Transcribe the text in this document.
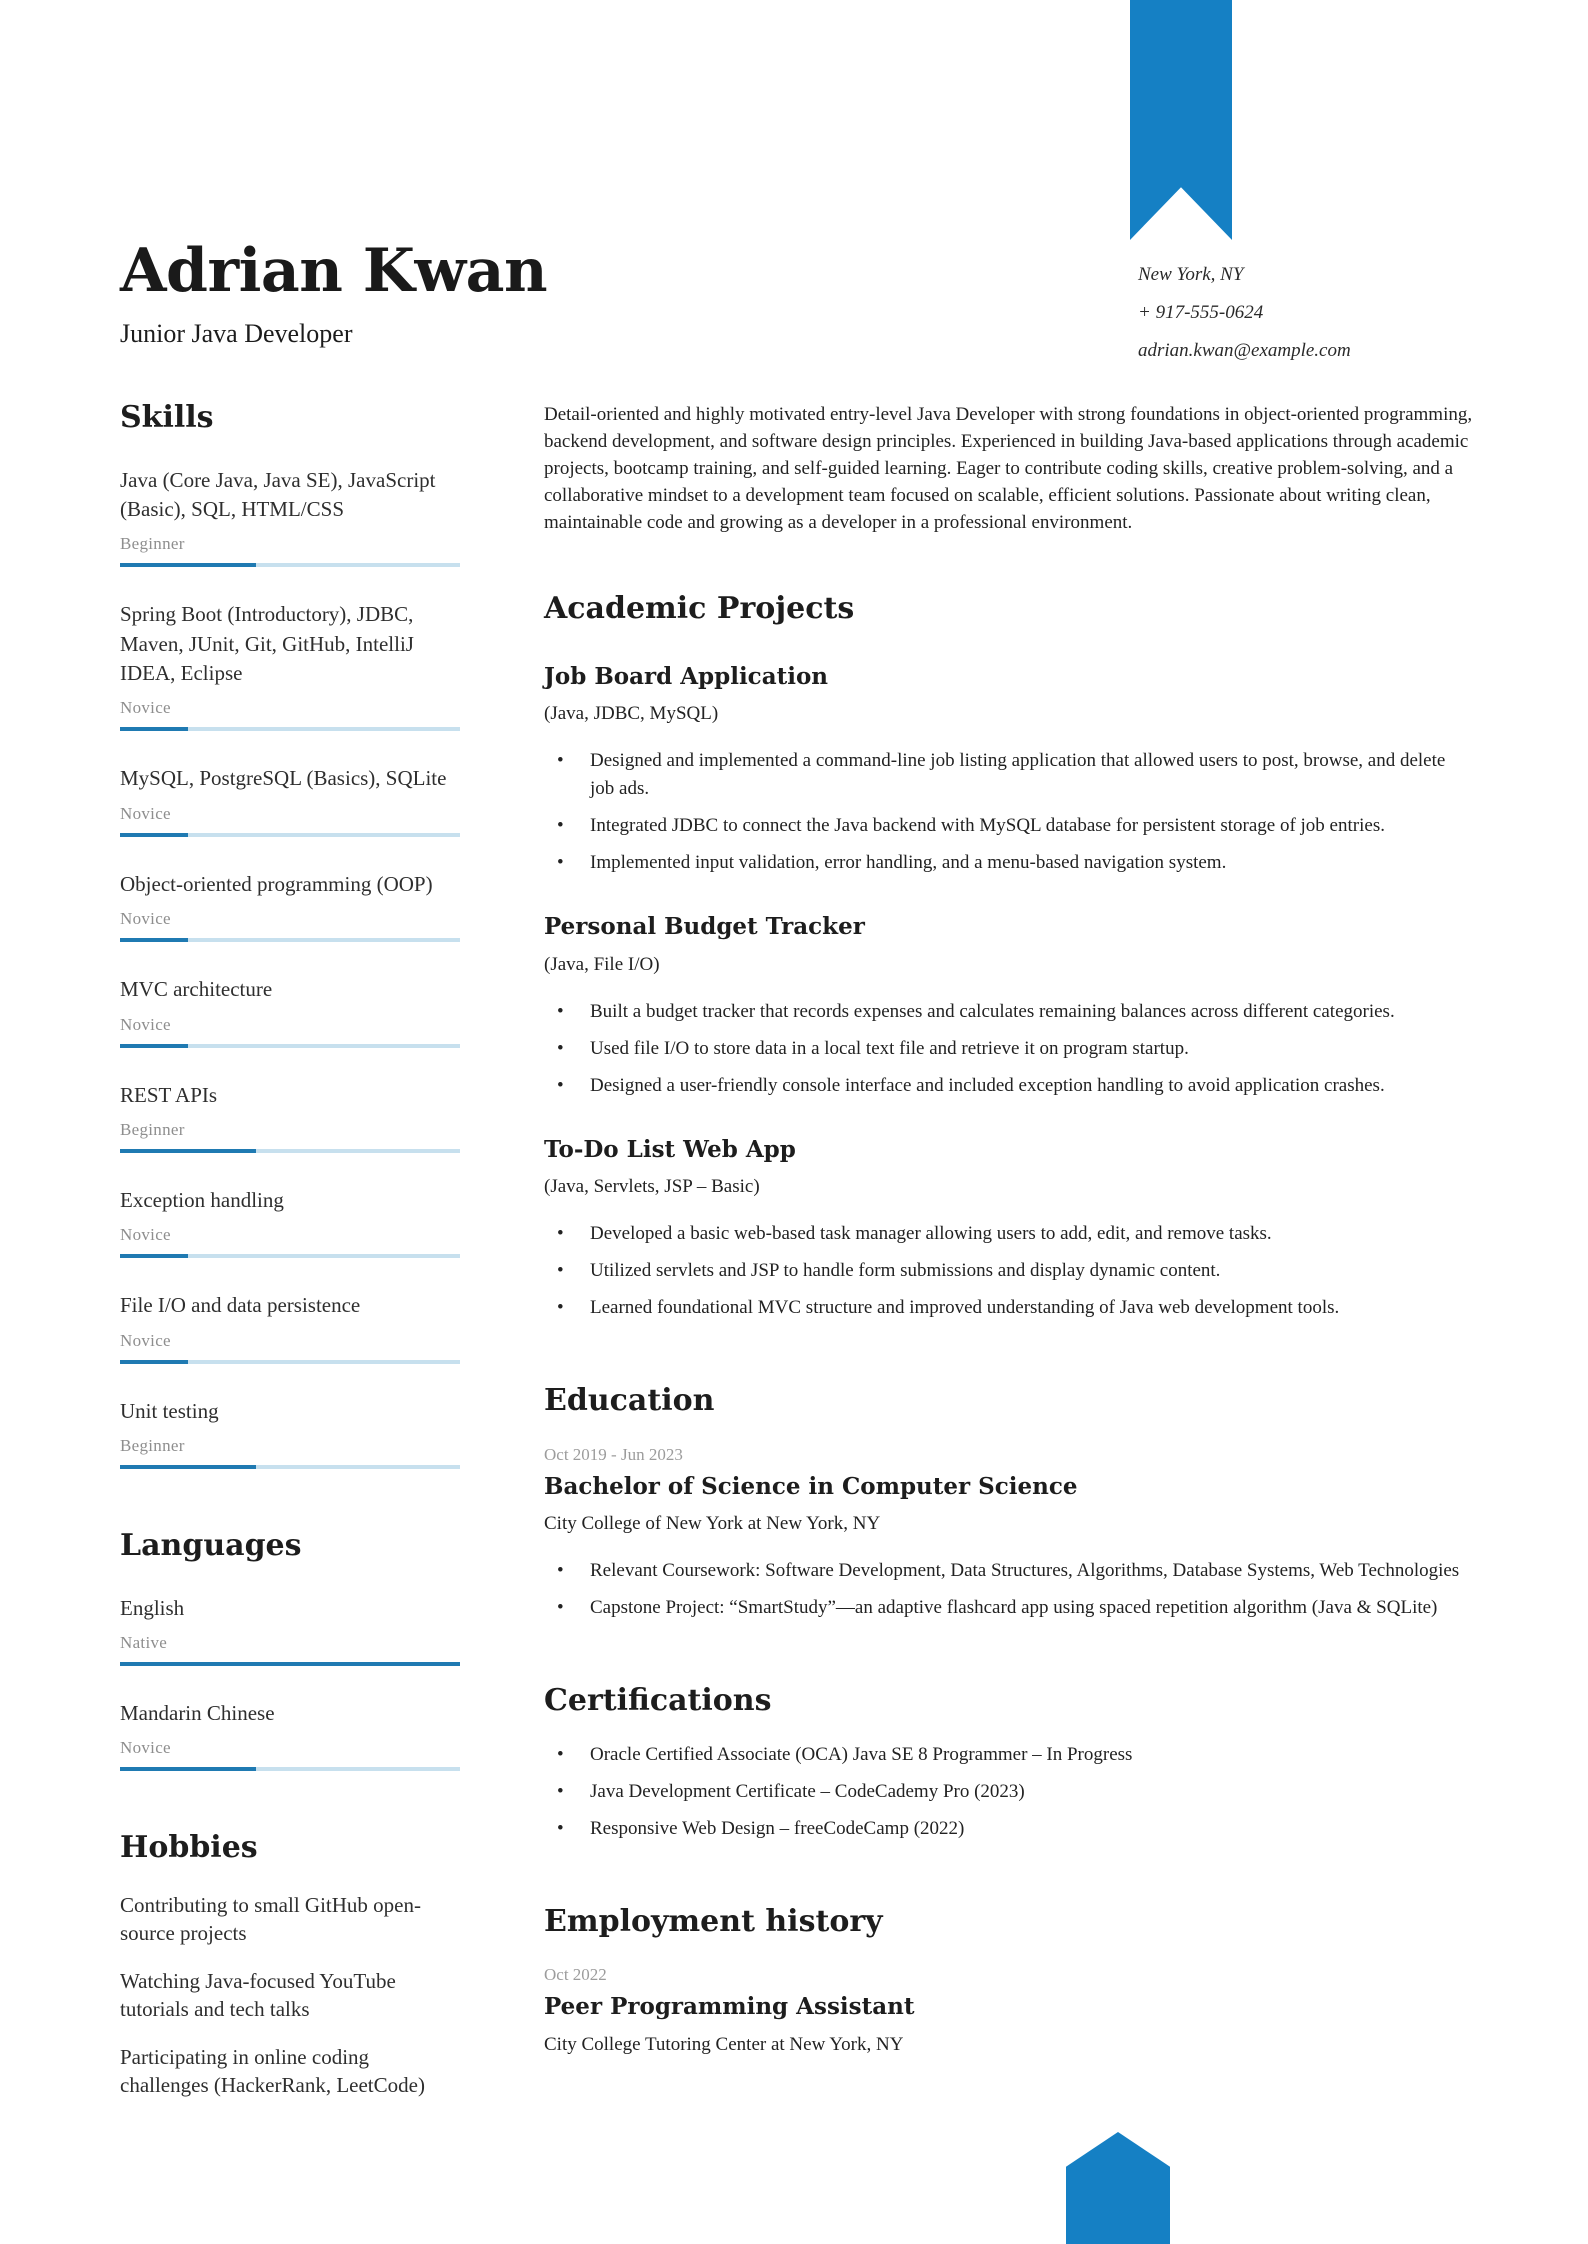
Adrian Kwan
Junior Java Developer
New York, NY
+ 917-555-0624
adrian.kwan@example.com
Skills
Java (Core Java, Java SE), JavaScript (Basic), SQL, HTML/CSS
Beginner
Spring Boot (Introductory), JDBC, Maven, JUnit, Git, GitHub, IntelliJ IDEA, Eclipse
Novice
MySQL, PostgreSQL (Basics), SQLite
Novice
Object-oriented programming (OOP)
Novice
MVC architecture
Novice
REST APIs
Beginner
Exception handling
Novice
File I/O and data persistence
Novice
Unit testing
Beginner
Languages
English
Native
Mandarin Chinese
Novice
Hobbies

Contributing to small GitHub open-source projects

Watching Java-focused YouTube tutorials and tech talks

Participating in online coding challenges (HackerRank, LeetCode)

Detail-oriented and highly motivated entry-level Java Developer with strong foundations in object-oriented programming, backend development, and software design principles. Experienced in building Java-based applications through academic projects, bootcamp training, and self-guided learning. Eager to contribute coding skills, creative problem-solving, and a collaborative mindset to a development team focused on scalable, efficient solutions. Passionate about writing clean, maintainable code and growing as a developer in a professional environment.

Academic Projects
Job Board Application
(Java, JDBC, MySQL)
• Designed and implemented a command-line job listing application that allowed users to post, browse, and delete job ads.
• Integrated JDBC to connect the Java backend with MySQL database for persistent storage of job entries.
• Implemented input validation, error handling, and a menu-based navigation system.
Personal Budget Tracker
(Java, File I/O)
• Built a budget tracker that records expenses and calculates remaining balances across different categories.
• Used file I/O to store data in a local text file and retrieve it on program startup.
• Designed a user-friendly console interface and included exception handling to avoid application crashes.
To-Do List Web App
(Java, Servlets, JSP – Basic)
• Developed a basic web-based task manager allowing users to add, edit, and remove tasks.
• Utilized servlets and JSP to handle form submissions and display dynamic content.
• Learned foundational MVC structure and improved understanding of Java web development tools.
Education
Oct 2019 - Jun 2023
Bachelor of Science in Computer Science
City College of New York at New York, NY
• Relevant Coursework: Software Development, Data Structures, Algorithms, Database Systems, Web Technologies
• Capstone Project: “SmartStudy”—an adaptive flashcard app using spaced repetition algorithm (Java & SQLite)
Certifications
• Oracle Certified Associate (OCA) Java SE 8 Programmer – In Progress
• Java Development Certificate – CodeCademy Pro (2023)
• Responsive Web Design – freeCodeCamp (2022)
Employment history
Oct 2022
Peer Programming Assistant
City College Tutoring Center at New York, NY
